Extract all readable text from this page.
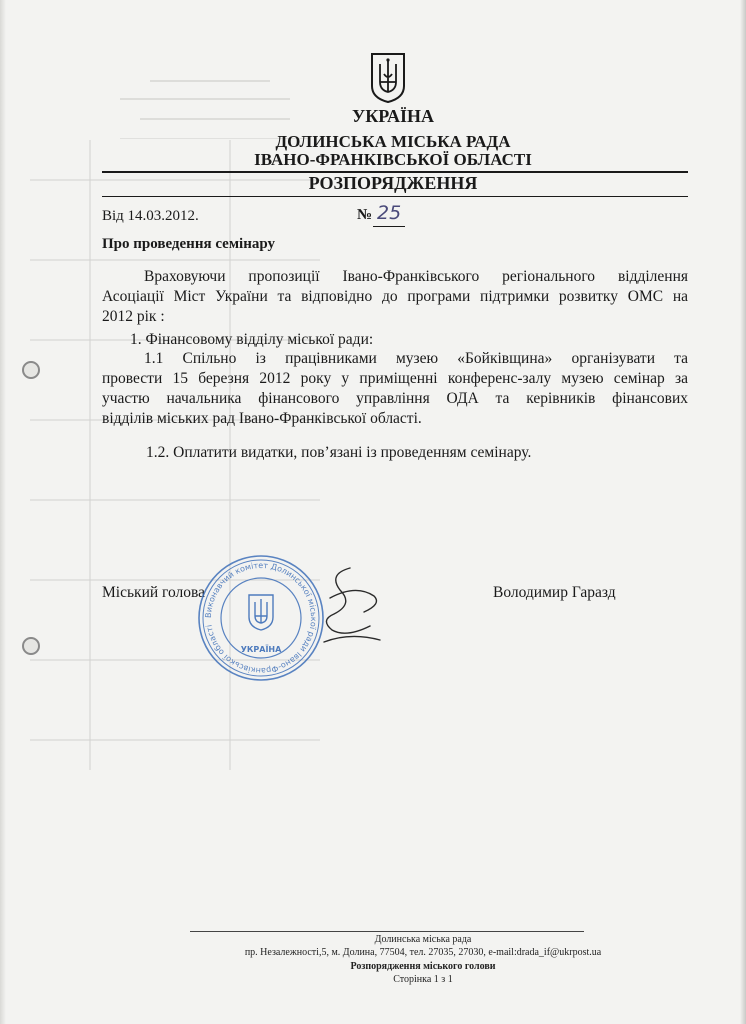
УКРАЇНА
ДОЛИНСЬКА МІСЬКА РАДА
ІВАНО-ФРАНКІВСЬКОЇ ОБЛАСТІ
РОЗПОРЯДЖЕННЯ
Від 14.03.2012.	№ 25
Про проведення семінару
Враховуючи пропозиції Івано-Франківського регіонального відділення
Асоціації Міст України та відповідно до програми підтримки розвитку ОМС на
2012 рік :
1. Фінансовому відділу міської ради:
1.1 Спільно із працівниками музею «Бойківщина» організувати та
провести 15 березня 2012 року у приміщенні конференс-залу музею семінар за
участю начальника фінансового управління ОДА та керівників фінансових
відділів міських рад Івано-Франківської області.
1.2. Оплатити видатки, пов’язані із проведенням семінару.
Міський голова	Володимир Гаразд
Виконавчий комітет Долинської міської ради Івано-Франківської області
УКРАЇНА
Долинська міська рада
пр. Незалежності,5, м. Долина, 77504, тел. 27035, 27030, e-mail:drada_if@ukrpost.ua
Розпорядження міського голови
Сторінка 1 з 1
